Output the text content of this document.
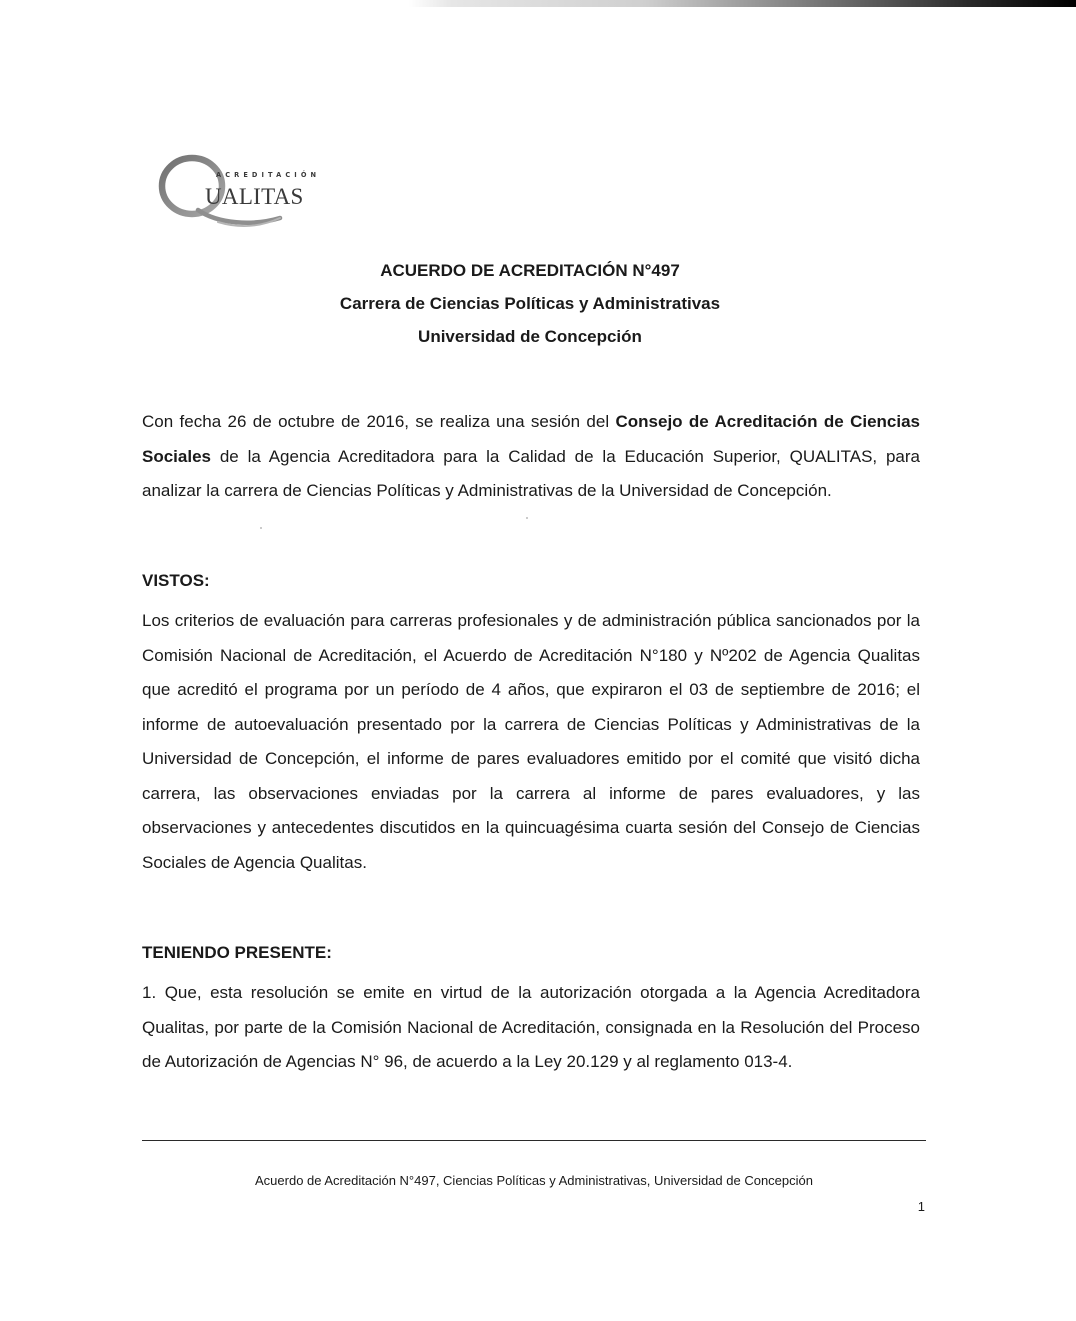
ACREDITACIÓN
UALITAS
ACUERDO DE ACREDITACIÓN N°497
Carrera de Ciencias Políticas y Administrativas
Universidad de Concepción
Con fecha 26 de octubre de 2016, se realiza una sesión del Consejo de Acreditación de Ciencias Sociales de la Agencia Acreditadora para la Calidad de la Educación Superior, QUALITAS, para analizar la carrera de Ciencias Políticas y Administrativas de la Universidad de Concepción.
VISTOS:
Los criterios de evaluación para carreras profesionales y de administración pública sancionados por la Comisión Nacional de Acreditación, el Acuerdo de Acreditación N°180 y Nº202 de Agencia Qualitas que acreditó el programa por un período de 4 años, que expiraron el 03 de septiembre de 2016; el informe de autoevaluación presentado por la carrera de Ciencias Políticas y Administrativas de la Universidad de Concepción, el informe de pares evaluadores emitido por el comité que visitó dicha carrera, las observaciones enviadas por la carrera al informe de pares evaluadores, y las observaciones y antecedentes discutidos en la quincuagésima cuarta sesión del Consejo de Ciencias Sociales de Agencia Qualitas.
TENIENDO PRESENTE:
1. Que, esta resolución se emite en virtud de la autorización otorgada a la Agencia Acreditadora Qualitas, por parte de la Comisión Nacional de Acreditación, consignada en la Resolución del Proceso de Autorización de Agencias N° 96, de acuerdo a la Ley 20.129 y al reglamento 013-4.
Acuerdo de Acreditación N°497, Ciencias Políticas y Administrativas, Universidad de Concepción
1
